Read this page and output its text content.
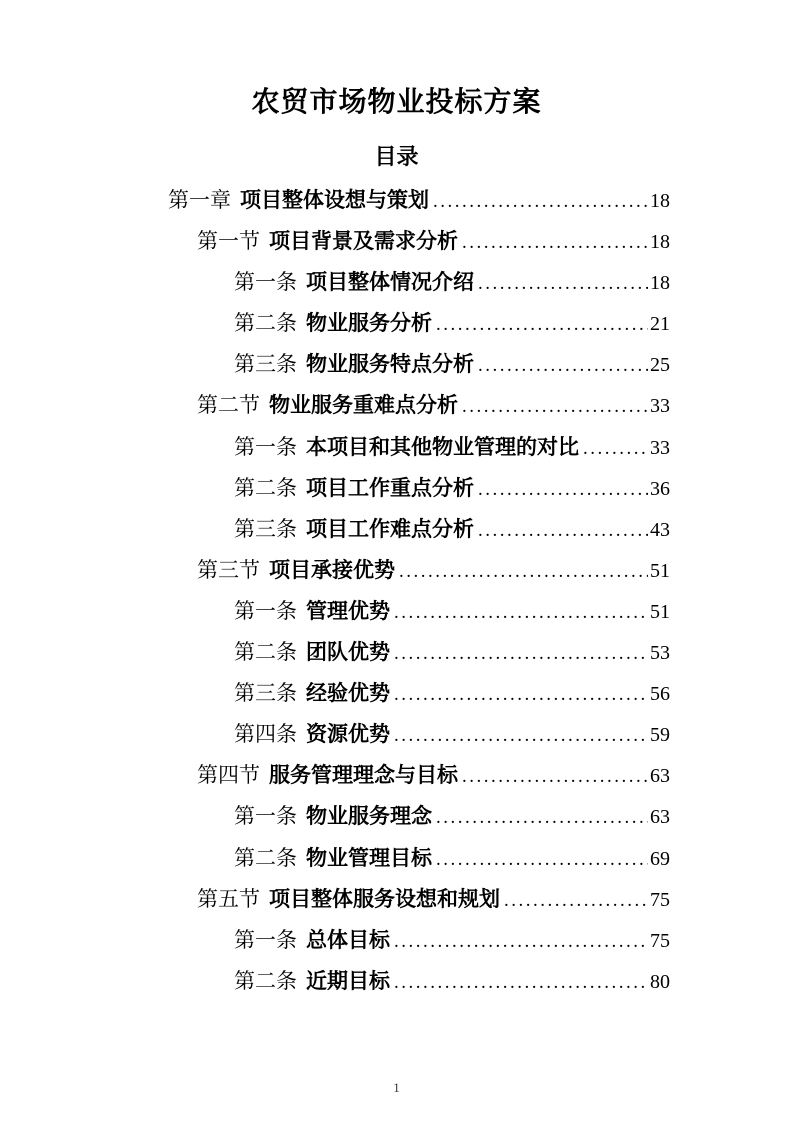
农贸市场物业投标方案
目录
第一章 项目整体设想与策划 .....	18
第一节 项目背景及需求分析 .....	18
第一条 项目整体情况介绍 .....	18
第二条 物业服务分析 .....	21
第三条 物业服务特点分析 .....	25
第二节 物业服务重难点分析 .....	33
第一条 本项目和其他物业管理的对比 .....	33
第二条 项目工作重点分析 .....	36
第三条 项目工作难点分析 .....	43
第三节 项目承接优势 .....	51
第一条 管理优势 .....	51
第二条 团队优势 .....	53
第三条 经验优势 .....	56
第四条 资源优势 .....	59
第四节 服务管理理念与目标 .....	63
第一条 物业服务理念 .....	63
第二条 物业管理目标 .....	69
第五节 项目整体服务设想和规划 .....	75
第一条 总体目标 .....	75
第二条 近期目标 .....	80
1
